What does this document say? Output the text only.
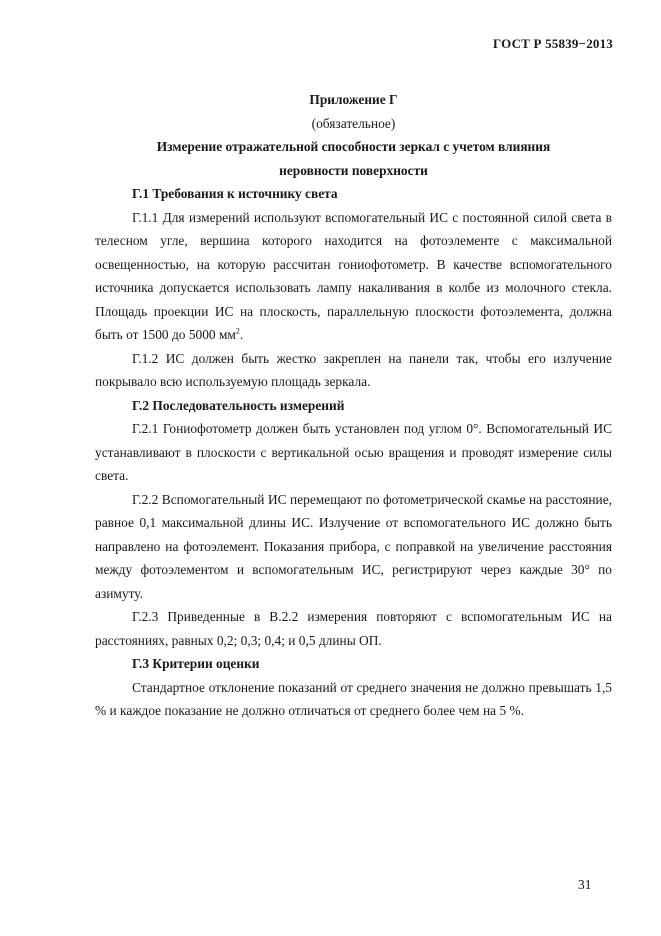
ГОСТ Р 55839−2013
Приложение Г
(обязательное)
Измерение отражательной способности зеркал с учетом влияния
неровности поверхности
Г.1 Требования к источнику света
Г.1.1 Для измерений используют вспомогательный ИС с постоянной силой света в телесном угле, вершина которого находится на фотоэлементе с максимальной освещенностью, на которую рассчитан гониофотометр. В качестве вспомогательного источника допускается использовать лампу накаливания в колбе из молочного стекла. Площадь проекции ИС на плоскость, параллельную плоскости фотоэлемента, должна быть от 1500 до 5000 $мм^2$.
Г.1.2 ИС должен быть жестко закреплен на панели так, чтобы его излучение покрывало всю используемую площадь зеркала.
Г.2 Последовательность измерений
Г.2.1 Гониофотометр должен быть установлен под углом 0°. Вспомогательный ИС устанавливают в плоскости с вертикальной осью вращения и проводят измерение силы света.
Г.2.2 Вспомогательный ИС перемещают по фотометрической скамье на расстояние, равное 0,1 максимальной длины ИС. Излучение от вспомогательного ИС должно быть направлено на фотоэлемент. Показания прибора, с поправкой на увеличение расстояния между фотоэлементом и вспомогательным ИС, регистрируют через каждые 30° по азимуту.
Г.2.3 Приведенные в В.2.2 измерения повторяют с вспомогательным ИС на расстояниях, равных 0,2; 0,3; 0,4; и 0,5 длины ОП.
Г.3 Критерии оценки
Стандартное отклонение показаний от среднего значения не должно превышать 1,5 % и каждое показание не должно отличаться от среднего более чем на 5 %.
31
